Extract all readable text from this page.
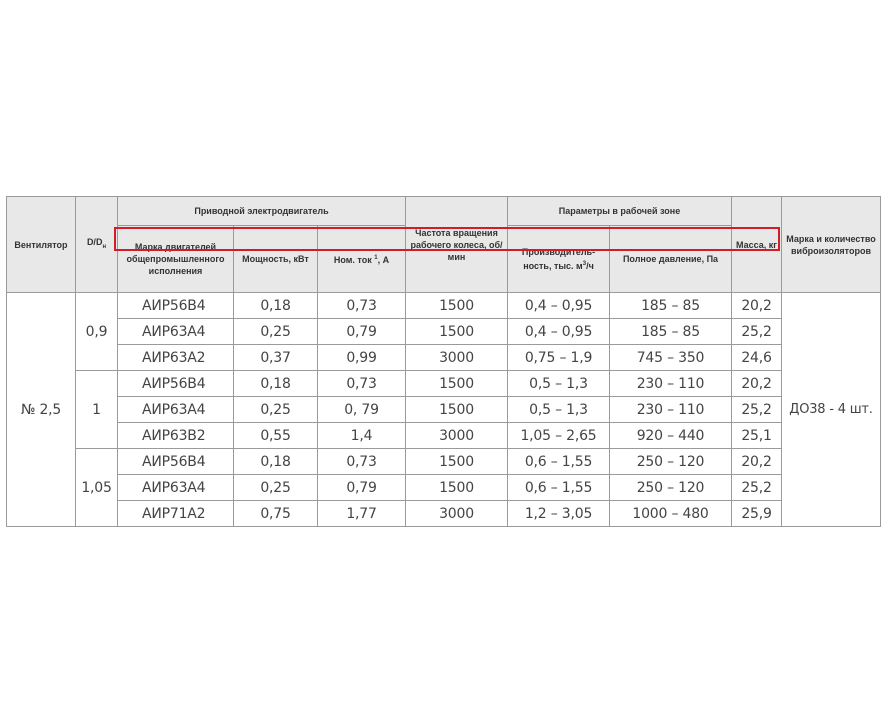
Вентилятор	$D/D_н$	Приводной электродвигатель			Частота вращения рабочего колеса, об/мин	Параметры в рабочей зоне		Масса, кг	Марка и количество виброизоляторов
		Марка двигателей общепромышленного исполнения	Мощность, кВт	Ном. ток $^1$, А		Производитель-ность, тыс. $м^3/ч$	Полное давление, Па		
№ 2,5	0,9	АИР56В4	0,18	0,73	1500	0,4 – 0,95	185 – 85	20,2	ДО38 - 4 шт.
		АИР63А4	0,25	0,79	1500	0,4 – 0,95	185 – 85	25,2	
		АИР63А2	0,37	0,99	3000	0,75 – 1,9	745 – 350	24,6	
	1	АИР56В4	0,18	0,73	1500	0,5 – 1,3	230 – 110	20,2	
		АИР63А4	0,25	0, 79	1500	0,5 – 1,3	230 – 110	25,2	
		АИР63В2	0,55	1,4	3000	1,05 – 2,65	920 – 440	25,1	
	1,05	АИР56В4	0,18	0,73	1500	0,6 – 1,55	250 – 120	20,2	
		АИР63А4	0,25	0,79	1500	0,6 – 1,55	250 – 120	25,2	
		АИР71А2	0,75	1,77	3000	1,2 – 3,05	1000 – 480	25,9	
